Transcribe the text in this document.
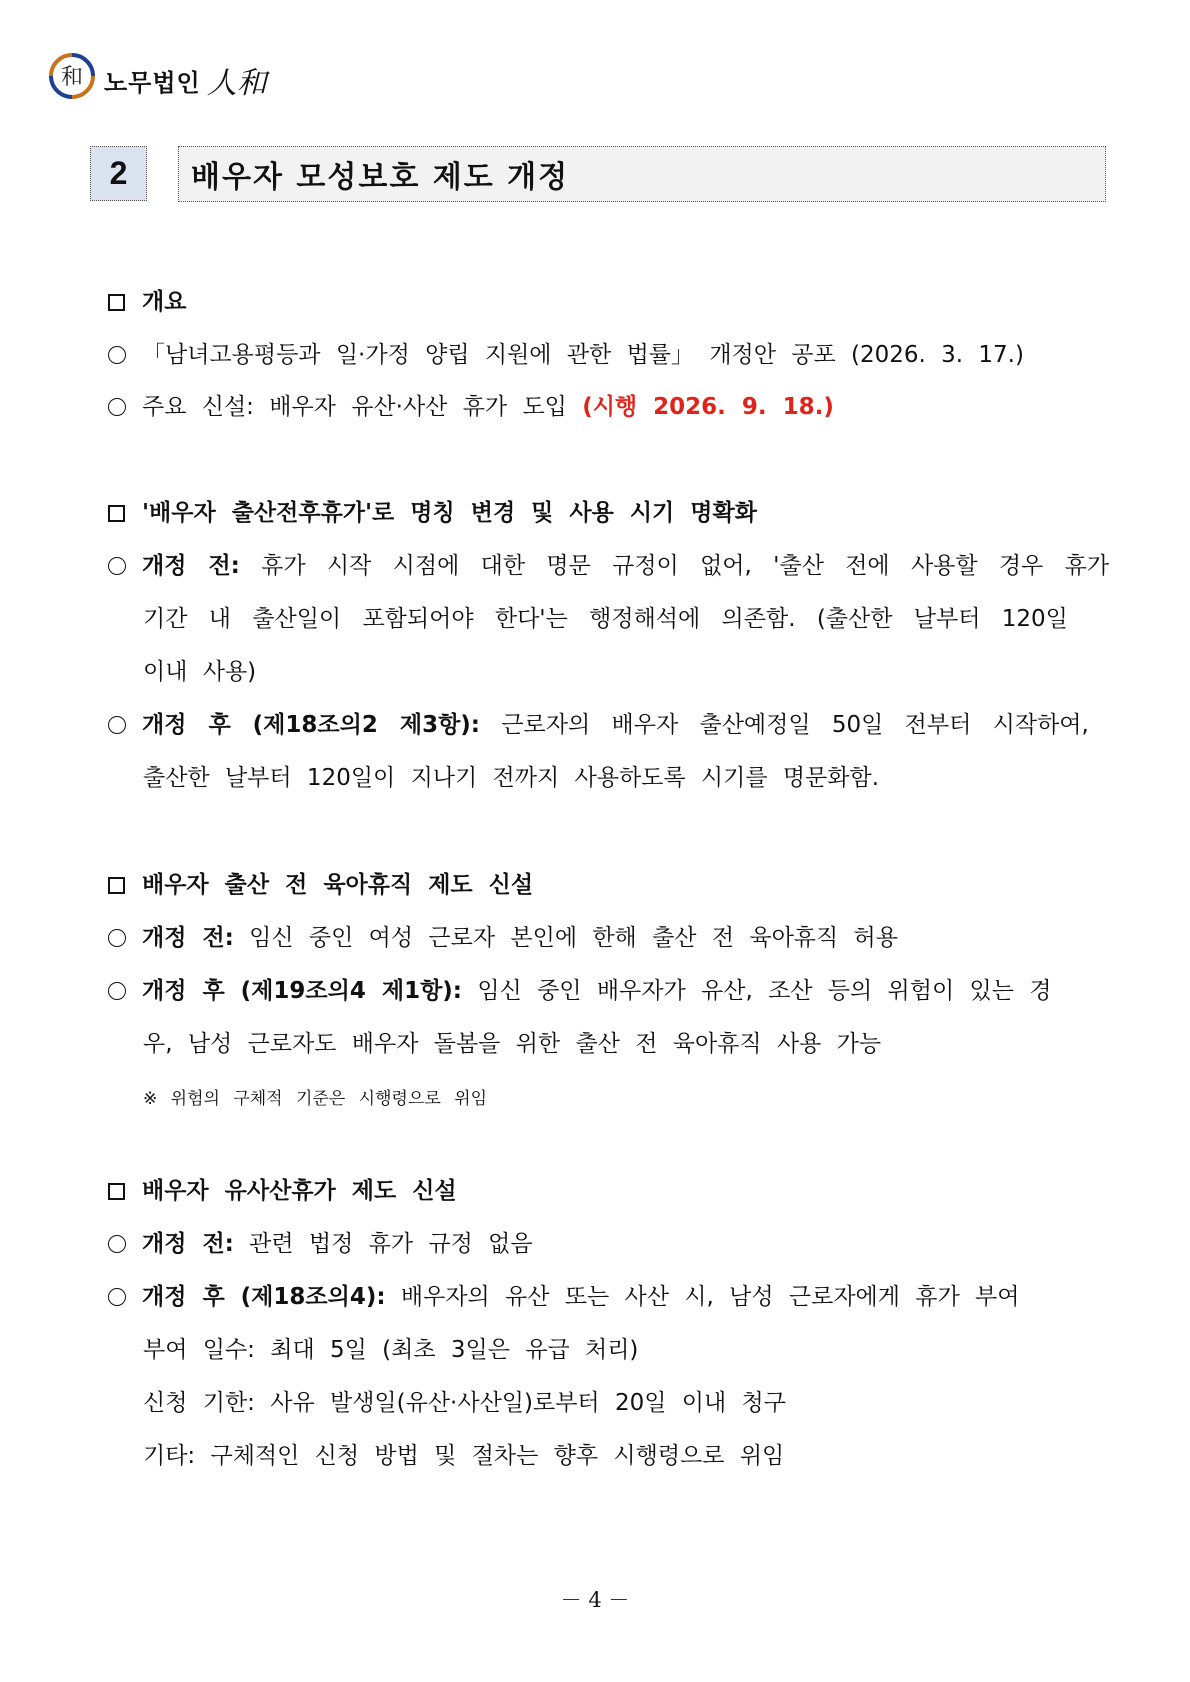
和 노무법인 人和
2	배우자 모성보호 제도 개정
개요
「남녀고용평등과 일·가정 양립 지원에 관한 법률」 개정안 공포 (2026. 3. 17.)
주요 신설: 배우자 유산·사산 휴가 도입 (시행 2026. 9. 18.)
'배우자 출산전후휴가'로 명칭 변경 및 사용 시기 명확화
개정 전: 휴가 시작 시점에 대한 명문 규정이 없어, '출산 전에 사용할 경우 휴가
기간 내 출산일이 포함되어야 한다'는 행정해석에 의존함. (출산한 날부터 120일
이내 사용)
개정 후 (제18조의2 제3항): 근로자의 배우자 출산예정일 50일 전부터 시작하여,
출산한 날부터 120일이 지나기 전까지 사용하도록 시기를 명문화함.
배우자 출산 전 육아휴직 제도 신설
개정 전: 임신 중인 여성 근로자 본인에 한해 출산 전 육아휴직 허용
개정 후 (제19조의4 제1항): 임신 중인 배우자가 유산, 조산 등의 위험이 있는 경
우, 남성 근로자도 배우자 돌봄을 위한 출산 전 육아휴직 사용 가능
※ 위험의 구체적 기준은 시행령으로 위임
배우자 유사산휴가 제도 신설
개정 전: 관련 법정 휴가 규정 없음
개정 후 (제18조의4): 배우자의 유산 또는 사산 시, 남성 근로자에게 휴가 부여
부여 일수: 최대 5일 (최초 3일은 유급 처리)
신청 기한: 사유 발생일(유산·사산일)로부터 20일 이내 청구
기타: 구체적인 신청 방법 및 절차는 향후 시행령으로 위임
－ 4 －
